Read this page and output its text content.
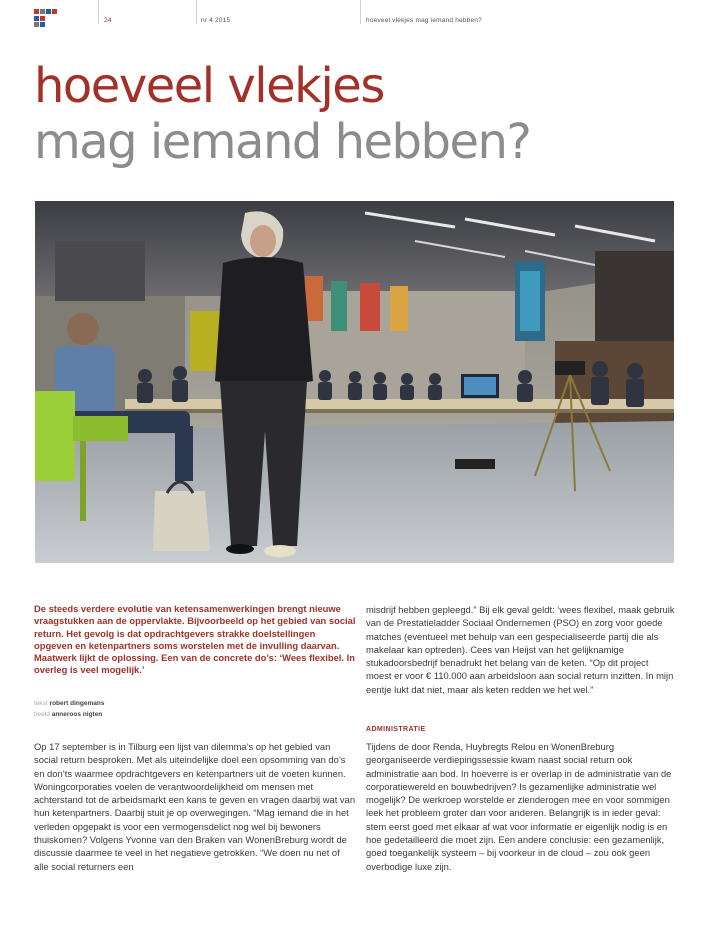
24	nr 4 2015	hoeveel vlekjes mag iemand hebben?
hoeveel vlekjes
mag iemand hebben?
De steeds verdere evolutie van ketensamenwerkingen brengt nieuwe vraagstukken aan de oppervlakte. Bijvoorbeeld op het gebied van social return. Het gevolg is dat opdrachtgevers strakke doelstellingen opgeven en ketenpartners soms worstelen met de invulling daarvan. Maatwerk lijkt de oplossing. Een van de concrete do’s: ‘Wees flexibel. In overleg is veel mogelijk.’
tekst robert dingemans
beeld anneroos nigten
Op 17 september is in Tilburg een lijst van dilemma’s op het gebied van social return besproken. Met als uiteindelijke doel een opsomming van do’s en don’ts waarmee opdrachtgevers en ketenpartners uit de voeten kunnen. Woningcorporaties voelen de verantwoordelijkheid om mensen met achterstand tot de arbeidsmarkt een kans te geven en vragen daarbij wat van hun ketenpartners. Daarbij stuit je op overwegingen. “Mag iemand die in het verleden opgepakt is voor een vermogensdelict nog wel bij bewoners thuiskomen? Volgens Yvonne van den Braken van WonenBreburg wordt de discussie daarmee te veel in het negatieve getrokken. “We doen nu net of alle social returners een
misdrijf hebben gepleegd.” Bij elk geval geldt: ‘wees flexibel, maak gebruik van de Prestatieladder Sociaal Ondernemen (PSO) en zorg voor goede matches (eventueel met behulp van een gespecialiseerde partij die als makelaar kan optreden). Cees van Heijst van het gelijknamige stukadoorsbedrijf benadrukt het belang van de keten. “Op dit project moest er voor € 110.000 aan arbeidsloon aan social return inzitten. In mijn eentje lukt dat niet, maar als keten redden we het wel.”
ADMINISTRATIE
Tijdens de door Renda, Huybregts Relou en WonenBreburg georganiseerde verdiepingssessie kwam naast social return ook administratie aan bod. In hoeverre is er overlap in de administratie van de corporatiewereld en bouwbedrijven? Is gezamenlijke administratie wel mogelijk? De werkroep worstelde er zienderogen mee en voor sommigen leek het probleem groter dan voor anderen. Belangrijk is in ieder geval: stem eerst goed met elkaar af wat voor informatie er eigenlijk nodig is en hoe gedetailleerd die moet zijn. Een andere conclusie: een gezamenlijk, goed toegankelijk systeem – bij voorkeur in de cloud – zou ook geen overbodige luxe zijn.
